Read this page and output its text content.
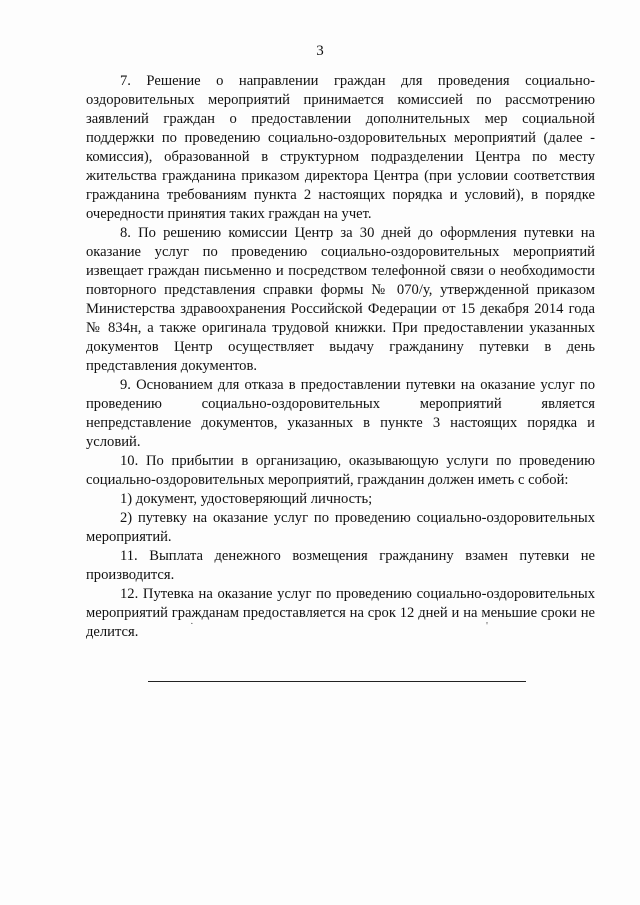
3

7. Решение о направлении граждан для проведения социально-оздоровительных мероприятий принимается комиссией по рассмотрению заявлений граждан о предоставлении дополнительных мер социальной поддержки по проведению социально-оздоровительных мероприятий (далее - комиссия), образованной в структурном подразделении Центра по месту жительства гражданина приказом директора Центра (при условии соответствия гражданина требованиям пункта 2 настоящих порядка и условий), в порядке очередности принятия таких граждан на учет.

8. По решению комиссии Центр за 30 дней до оформления путевки на оказание услуг по проведению социально-оздоровительных мероприятий извещает граждан письменно и посредством телефонной связи о необходимости повторного представления справки формы № 070/у, утвержденной приказом Министерства здравоохранения Российской Федерации от 15 декабря 2014 года № 834н, а также оригинала трудовой книжки. При предоставлении указанных документов Центр осуществляет выдачу гражданину путевки в день представления документов.

9. Основанием для отказа в предоставлении путевки на оказание услуг по проведению социально-оздоровительных мероприятий является непредставление документов, указанных в пункте 3 настоящих порядка и условий.

10. По прибытии в организацию, оказывающую услуги по проведению социально-оздоровительных мероприятий, гражданин должен иметь с собой:

1) документ, удостоверяющий личность;

2) путевку на оказание услуг по проведению социально-оздоровительных мероприятий.

11. Выплата денежного возмещения гражданину взамен путевки не производится.

12. Путевка на оказание услуг по проведению социально-оздоровительных мероприятий гражданам предоставляется на срок 12 дней и на меньшие сроки не делится.	·	'
